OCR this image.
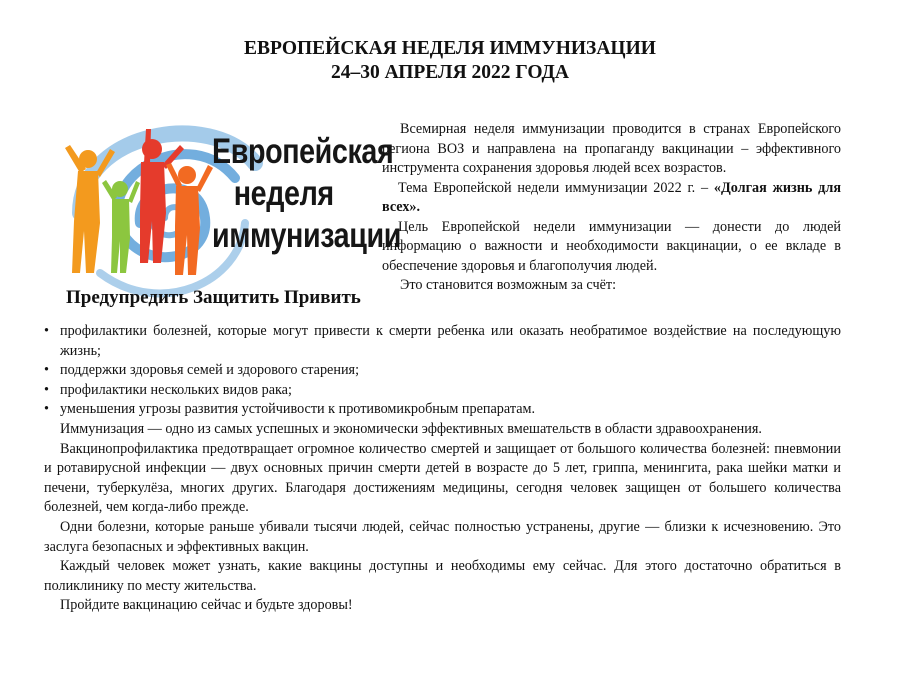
ЕВРОПЕЙСКАЯ НЕДЕЛЯ ИММУНИЗАЦИИ
24–30 АПРЕЛЯ 2022 ГОДА
Европейская
неделя
иммунизации
Предупредить Защитить Привить

Всемирная неделя иммунизации проводится в странах Европейского региона ВОЗ и направлена на пропаганду вакцинации – эффективного инструмента сохранения здоровья людей всех возрастов.

Тема Европейской недели иммунизации 2022 г. – «Долгая жизнь для всех».

Цель Европейской недели иммунизации — донести до людей информацию о важности и необходимости вакцинации, о ее вкладе в обеспечение здоровья и благополучия людей.

Это становится возможным за счёт:

• профилактики болезней, которые могут привести к смерти ребенка или оказать необратимое воздействие на последующую жизнь;
• поддержки здоровья семей и здорового старения;
• профилактики нескольких видов рака;
• уменьшения угрозы развития устойчивости к противомикробным препаратам.

Иммунизация — одно из самых успешных и экономически эффективных вмешательств в области здравоохранения.

Вакцинопрофилактика предотвращает огромное количество смертей и защищает от большого количества болезней: пневмонии и ротавирусной инфекции — двух основных причин смерти детей в возрасте до 5 лет, гриппа, менингита, рака шейки матки и печени, туберкулёза, многих других. Благодаря достижениям медицины, сегодня человек защищен от большего количества болезней, чем когда-либо прежде.

Одни болезни, которые раньше убивали тысячи людей, сейчас полностью устранены, другие — близки к исчезновению. Это заслуга безопасных и эффективных вакцин.

Каждый человек может узнать, какие вакцины доступны и необходимы ему сейчас. Для этого достаточно обратиться в поликлинику по месту жительства.

Пройдите вакцинацию сейчас и будьте здоровы!
